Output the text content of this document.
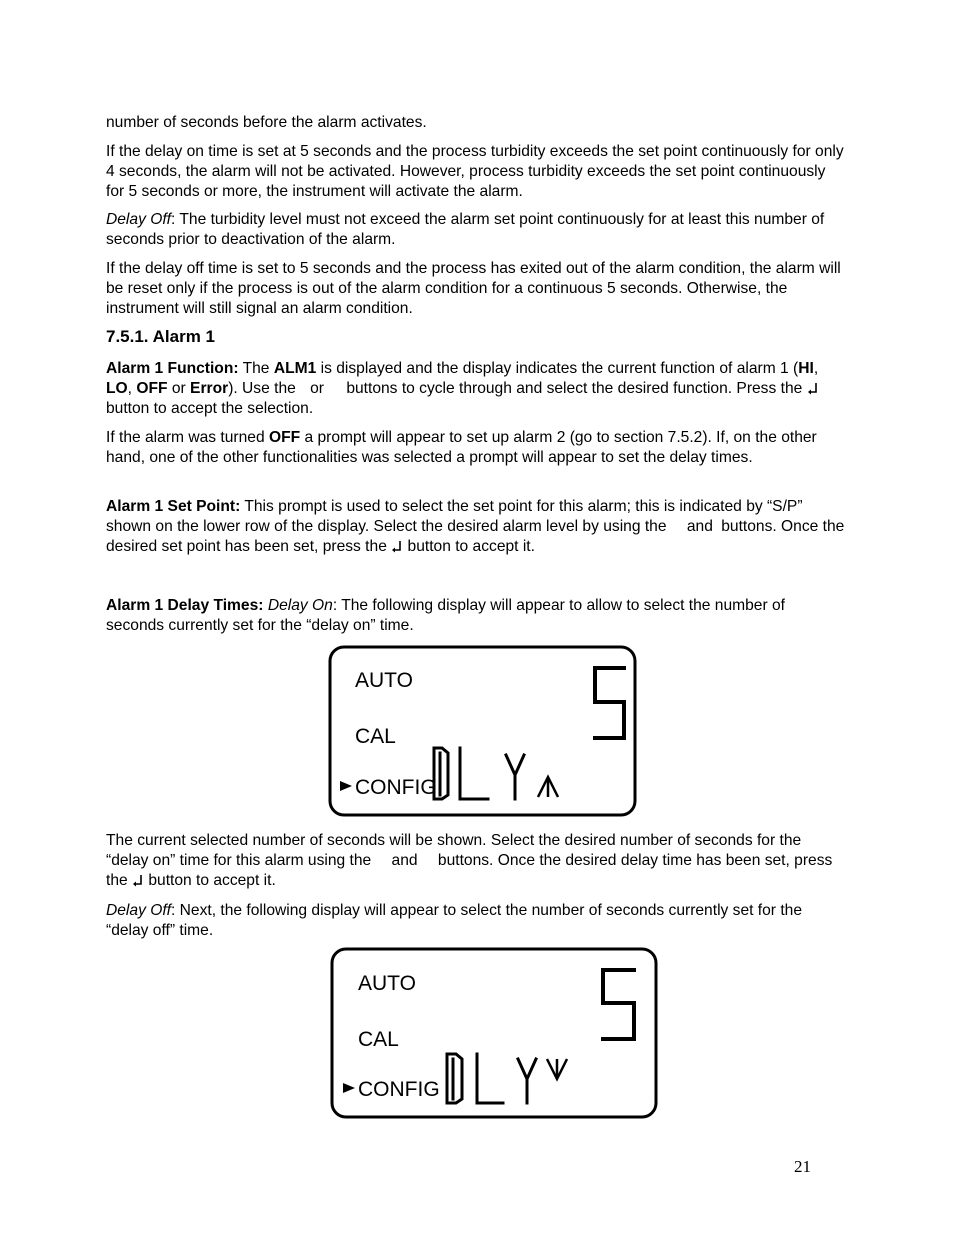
number of seconds before the alarm activates.

If the delay on time is set at 5 seconds and the process turbidity exceeds the set point continuously for only 4 seconds, the alarm will not be activated. However, process turbidity exceeds the set point continuously for 5 seconds or more, the instrument will activate the alarm.

Delay Off: The turbidity level must not exceed the alarm set point continuously for at least this number of seconds prior to deactivation of the alarm.

If the delay off time is set to 5 seconds and the process has exited out of the alarm condition, the alarm will be reset only if the process is out of the alarm condition for a continuous 5 seconds. Otherwise, the instrument will still signal an alarm condition.

7.5.1. Alarm 1

Alarm 1 Function: The ALM1 is displayed and the display indicates the current function of alarm 1 (HI, LO, OFF or Error). Use the or buttons to cycle through and select the desired function. Press the  button to accept the selection.

If the alarm was turned OFF a prompt will appear to set up alarm 2 (go to section 7.5.2). If, on the other hand, one of the other functionalities was selected a prompt will appear to set the delay times.

Alarm 1 Set Point: This prompt is used to select the set point for this alarm; this is indicated by “S/P” shown on the lower row of the display. Select the desired alarm level by using the and buttons. Once the desired set point has been set, press the  button to accept it.

Alarm 1 Delay Times: Delay On: The following display will appear to allow to select the number of seconds currently set for the “delay on” time.

AUTO
CAL
CONFIG

The current selected number of seconds will be shown. Select the desired number of seconds for the “delay on” time for this alarm using the and buttons. Once the desired delay time has been set, press the  button to accept it.

Delay Off: Next, the following display will appear to select the number of seconds currently set for the “delay off” time.

AUTO
CAL
CONFIG
21
